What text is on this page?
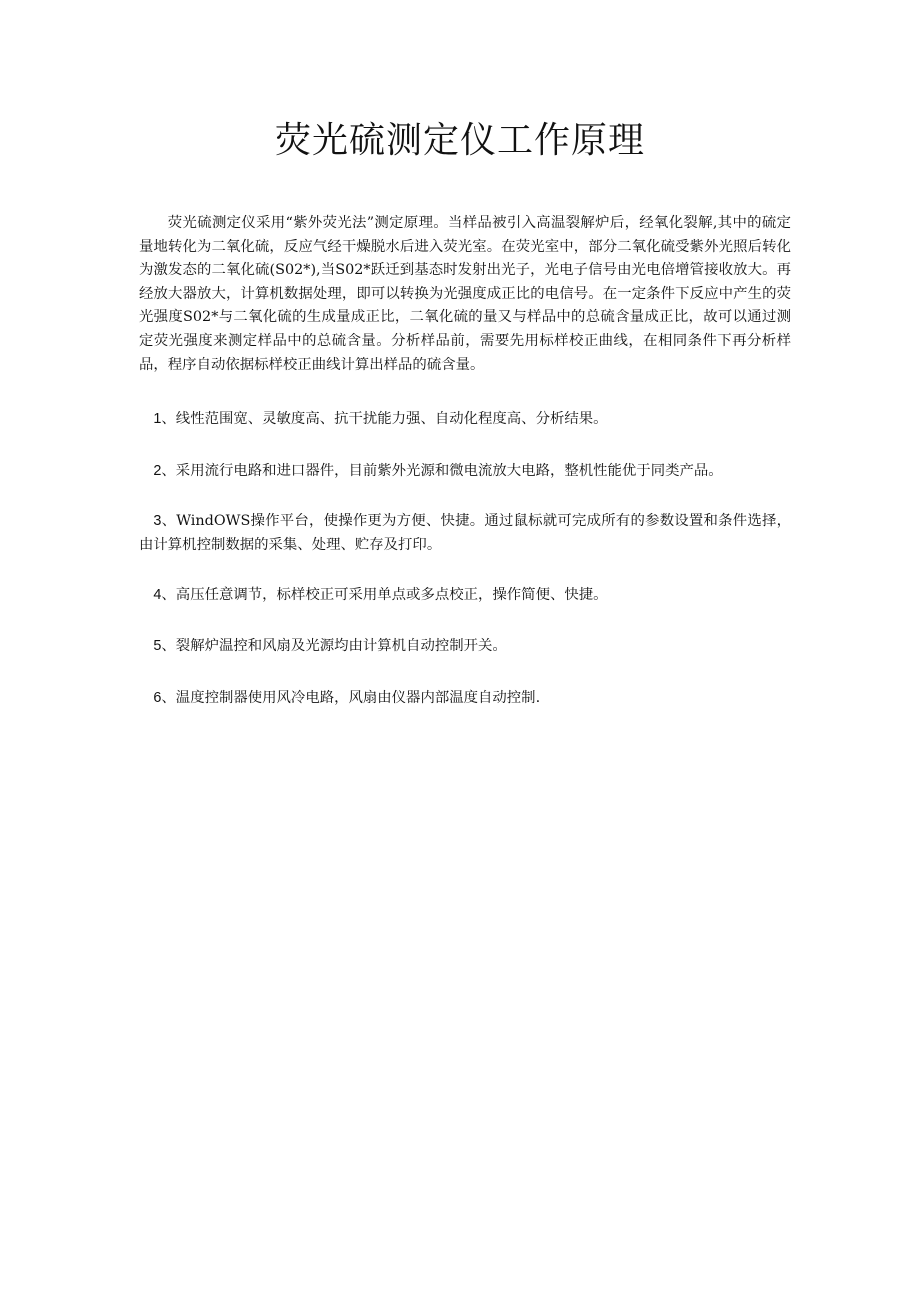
荧光硫测定仪工作原理

荧光硫测定仪采用“紫外荧光法”测定原理。当样品被引入高温裂解炉后，经氧化裂解,其中的硫定量地转化为二氧化硫，反应气经干燥脱水后进入荧光室。在荧光室中，部分二氧化硫受紫外光照后转化为激发态的二氧化硫(S02*),当S02*跃迁到基态时发射出光子，光电子信号由光电倍增管接收放大。再经放大器放大，计算机数据处理，即可以转换为光强度成正比的电信号。在一定条件下反应中产生的荧光强度S02*与二氧化硫的生成量成正比，二氧化硫的量又与样品中的总硫含量成正比，故可以通过测定荧光强度来测定样品中的总硫含量。分析样品前，需要先用标样校正曲线，在相同条件下再分析样品，程序自动依据标样校正曲线计算出样品的硫含量。

1、线性范围宽、灵敏度高、抗干扰能力强、自动化程度高、分析结果。

2、采用流行电路和进口器件，目前紫外光源和微电流放大电路，整机性能优于同类产品。

3、WindOWS操作平台，使操作更为方便、快捷。通过鼠标就可完成所有的参数设置和条件选择，由计算机控制数据的采集、处理、贮存及打印。

4、高压任意调节，标样校正可采用单点或多点校正，操作简便、快捷。

5、裂解炉温控和风扇及光源均由计算机自动控制开关。

6、温度控制器使用风冷电路，风扇由仪器内部温度自动控制.
